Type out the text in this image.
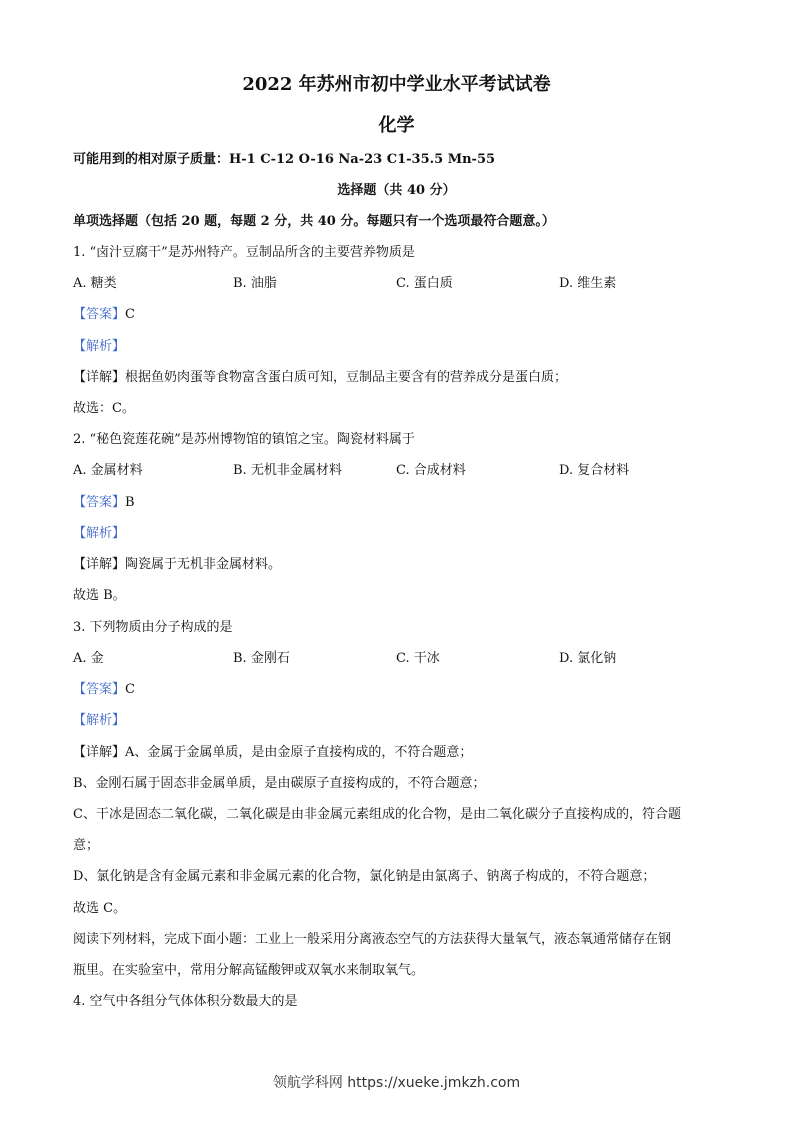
2022 年苏州市初中学业水平考试试卷
化学
可能用到的相对原子质量：H-1 C-12 O-16 Na-23 C1-35.5 Mn-55
选择题（共 40 分）
单项选择题（包括 20 题，每题 2 分，共 40 分。每题只有一个选项最符合题意。）
1. “卤汁豆腐干”是苏州特产。豆制品所含的主要营养物质是
A. 糖类	B. 油脂	C. 蛋白质	D. 维生素
【答案】C
【解析】
【详解】根据鱼奶肉蛋等食物富含蛋白质可知，豆制品主要含有的营养成分是蛋白质；
故选：C。
2. “秘色瓷莲花碗”是苏州博物馆的镇馆之宝。陶瓷材料属于
A. 金属材料	B. 无机非金属材料	C. 合成材料	D. 复合材料
【答案】B
【解析】
【详解】陶瓷属于无机非金属材料。
故选 B。
3. 下列物质由分子构成的是
A. 金	B. 金刚石	C. 干冰	D. 氯化钠
【答案】C
【解析】
【详解】A、金属于金属单质，是由金原子直接构成的，不符合题意；
B、金刚石属于固态非金属单质，是由碳原子直接构成的，不符合题意；
C、干冰是固态二氧化碳，二氧化碳是由非金属元素组成的化合物，是由二氧化碳分子直接构成的，符合题
意；
D、氯化钠是含有金属元素和非金属元素的化合物，氯化钠是由氯离子、钠离子构成的，不符合题意；
故选 C。
阅读下列材料，完成下面小题：工业上一般采用分离液态空气的方法获得大量氧气，液态氧通常储存在钢
瓶里。在实验室中，常用分解高锰酸钾或双氧水来制取氧气。
4. 空气中各组分气体体积分数最大的是
领航学科网 https://xueke.jmkzh.com
